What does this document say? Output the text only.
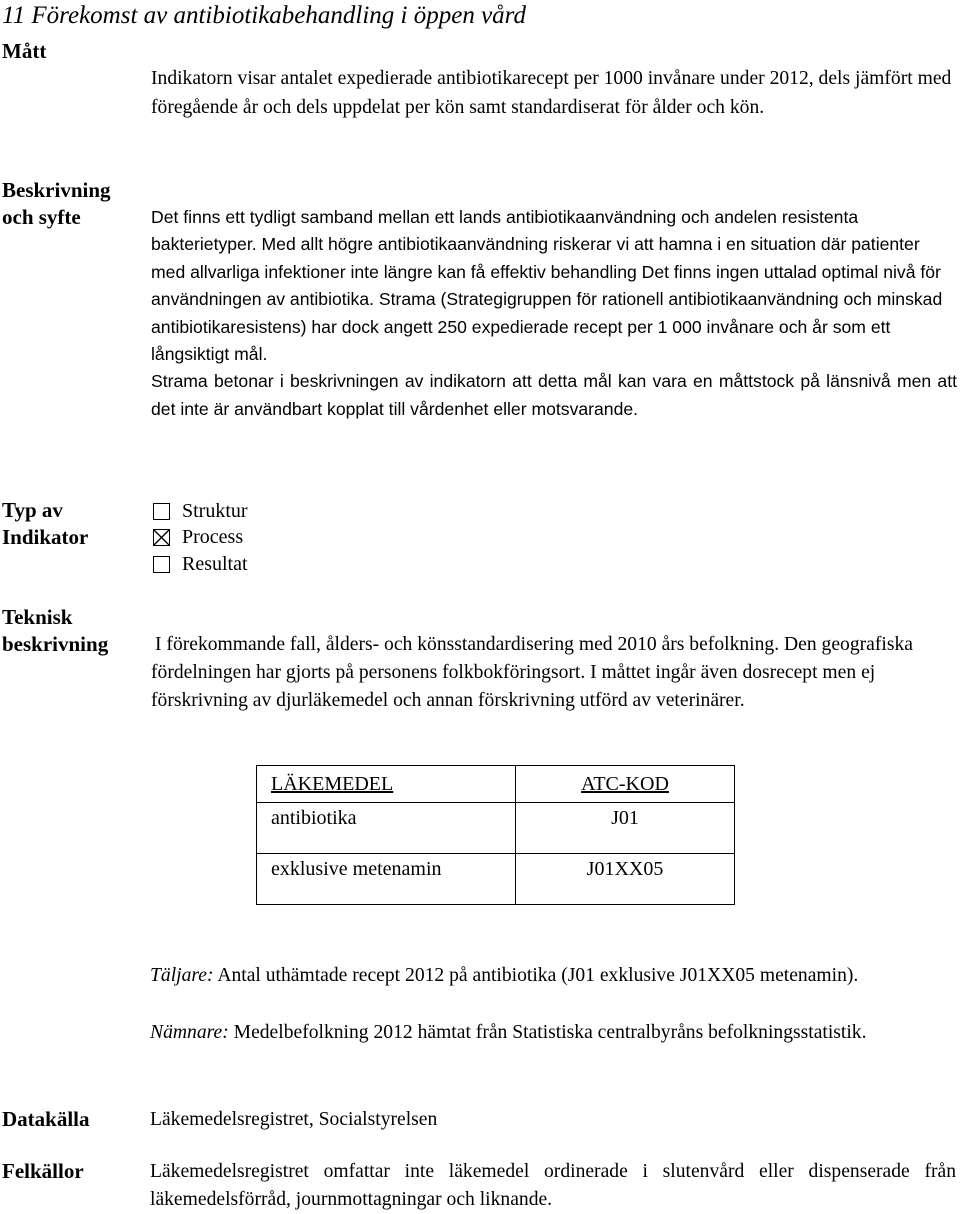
11 Förekomst av antibiotikabehandling i öppen vård
Mått
Indikatorn visar antalet expedierade antibiotikarecept per 1000 invånare under 2012, dels jämfört med föregående år och dels uppdelat per kön samt standardiserat för ålder och kön.
Beskrivning
och syfte	Det finns ett tydligt samband mellan ett lands antibiotikaanvändning och andelen resistenta bakterietyper. Med allt högre antibiotikaanvändning riskerar vi att hamna i en situation där patienter med allvarliga infektioner inte längre kan få effektiv behandling Det finns ingen uttalad optimal nivå för användningen av antibiotika. Strama (Strategigruppen för rationell antibiotikaanvändning och minskad antibiotikaresistens) har dock angett 250 expedierade recept per 1 000 invånare och år som ett långsiktigt mål.

Strama betonar i beskrivningen av indikatorn att detta mål kan vara en måttstock på länsnivå men att det inte är användbart kopplat till vårdenhet eller motsvarande.

Typ av
Indikator
Struktur
Process
Resultat
Teknisk
beskrivning I förekommande fall, ålders- och könsstandardisering med 2010 års befolkning. Den geografiska fördelningen har gjorts på personens folkbokföringsort. I måttet ingår även dosrecept men ej förskrivning av djurläkemedel och annan förskrivning utförd av veterinärer.
LÄKEMEDEL	ATC-KOD
antibiotika	J01
exklusive metenamin	J01XX05
Täljare: Antal uthämtade recept 2012 på antibiotika (J01 exklusive J01XX05 metenamin).
Nämnare: Medelbefolkning 2012 hämtat från Statistiska centralbyråns befolkningsstatistik.
Datakälla	Läkemedelsregistret, Socialstyrelsen
Felkällor	Läkemedelsregistret omfattar inte läkemedel ordinerade i slutenvård eller dispenserade från läkemedelsförråd, journmottagningar och liknande.
